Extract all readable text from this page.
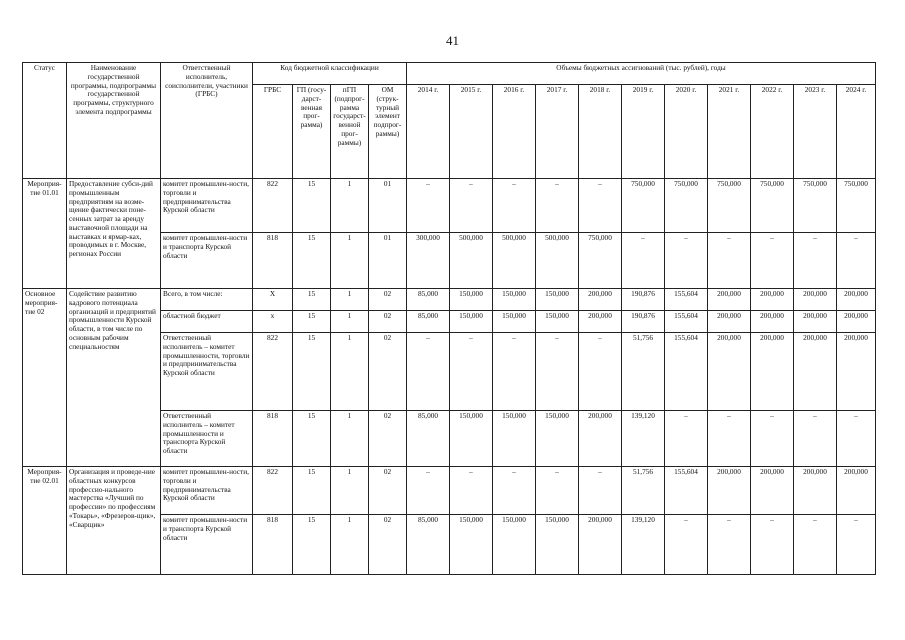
41
Статус	Наименование государственной программы, подпрограммы государственной программы, структурного элемента подпрограммы	Ответственный исполнитель, соисполнители, участники (ГРБС)	Код бюджетной классификации				Объемы бюджетных ассигнований (тыс. рублей), годы										
			ГРБС	ГП (госу-дарст-венная прог-рамма)	пГП (подпрог-рамма государст-венной прог-раммы)	ОМ (струк-турный элемент подпрог-раммы)	2014 г.	2015 г.	2016 г.	2017 г.	2018 г.	2019 г.	2020 г.	2021 г.	2022 г.	2023 г.	2024 г.
Мероприя-тие 01.01	Предоставление субси-дий промышленным предприятиям на возме-щение фактически поне-сенных затрат за аренду выставочной площади на выставках и ярмар-ках, проводимых в г. Москве, регионах России	комитет промышлен-ности, торговли и предпринимательства Курской области	822	15	1	01	–	–	–	–	–	750,000	750,000	750,000	750,000	750,000	750,000
		комитет промышлен-ности и транспорта Курской области	818	15	1	01	300,000	500,000	500,000	500,000	750,000	–	–	–	–	–	–
Основное мероприя-тие 02	Содействие развитию кадрового потенциала организаций и предприятий промышленности Курской области, в том числе по основным рабочим специальностям	Всего, в том числе:	Х	15	1	02	85,000	150,000	150,000	150,000	200,000	190,876	155,604	200,000	200,000	200,000	200,000
		областной бюджет	х	15	1	02	85,000	150,000	150,000	150,000	200,000	190,876	155,604	200,000	200,000	200,000	200,000
		Ответственный исполнитель – комитет промышленности, торговли и предпринимательства Курской области	822	15	1	02	–	–	–	–	–	51,756	155,604	200,000	200,000	200,000	200,000
		Ответственный исполнитель – комитет промышленности и транспорта Курской области	818	15	1	02	85,000	150,000	150,000	150,000	200,000	139,120	–	–	–	–	–
Мероприя-тие 02.01	Организация и проведе-ние областных конкурсов профессио-нального мастерства «Лучший по профессии» по профессиям «Токарь», «Фрезеров-щик», «Сварщик»	комитет промышлен-ности, торговли и предпринимательства Курской области	822	15	1	02	–	–	–	–	–	51,756	155,604	200,000	200,000	200,000	200,000
		комитет промышлен-ности и транспорта Курской области	818	15	1	02	85,000	150,000	150,000	150,000	200,000	139,120	–	–	–	–	–
